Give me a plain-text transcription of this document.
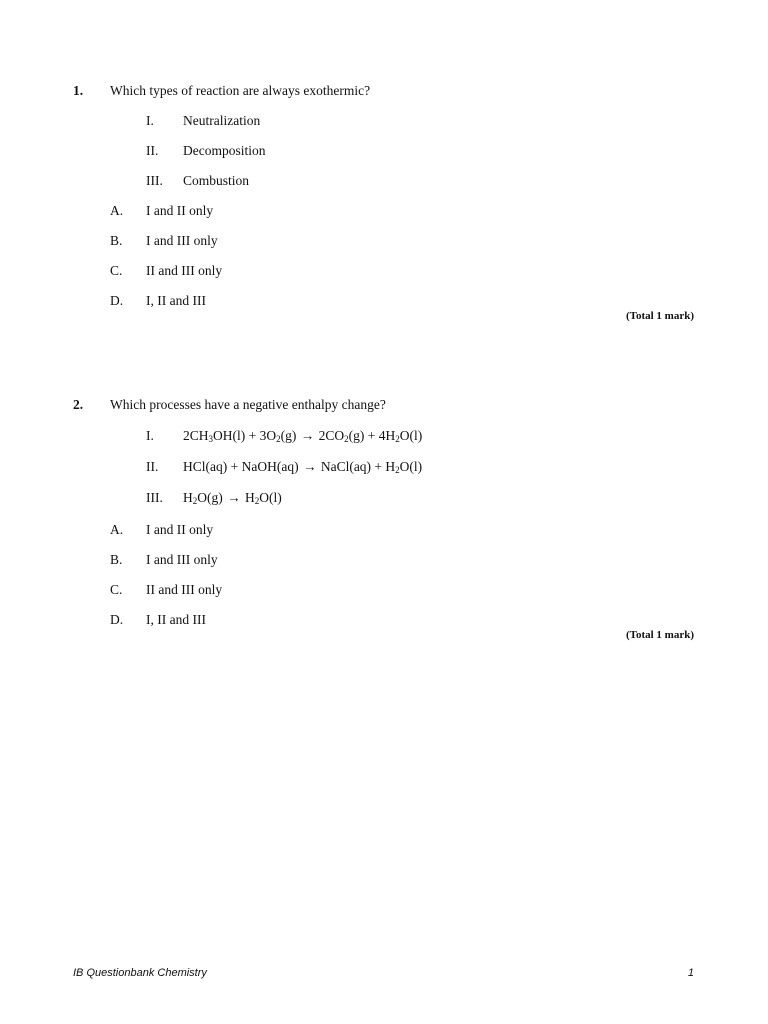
1. Which types of reaction are always exothermic?
I. Neutralization
II. Decomposition
III. Combustion
A. I and II only
B. I and III only
C. II and III only
D. I, II and III
(Total 1 mark)
2. Which processes have a negative enthalpy change?
I. $2CH_3OH(l) + 3O_2(g) \to 2CO_2(g) + 4H_2O(l)$
II. HCl(aq) + NaOH(aq) → NaCl(aq) + $H_2O(l)$
III. $H_2O(g) \to H_2O(l)$
A. I and II only
B. I and III only
C. II and III only
D. I, II and III
(Total 1 mark)
IB Questionbank Chemistry	1
